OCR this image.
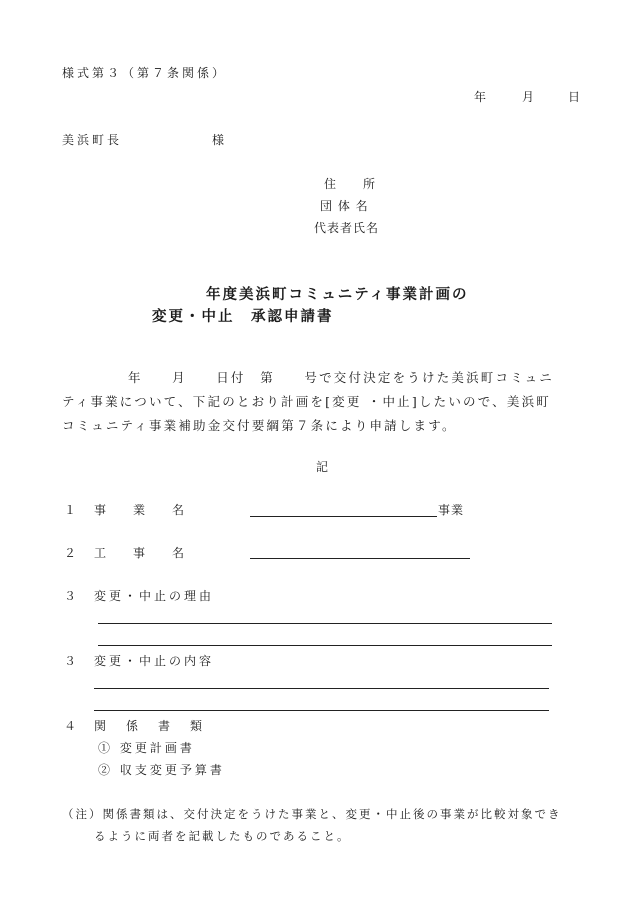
様式第３（第７条関係）
年	月	日
美浜町長	様
住　　所
団 体 名
代表者氏名
年度美浜町コミュニティ事業計画の
変更・中止　承認申請書
年　　月　　日付　第　　号で交付決定をうけた美浜町コミュニ
ティ事業について、下記のとおり計画を[変更 ・中止]したいので、美浜町
コミュニティ事業補助金交付要綱第７条により申請します。
記
１ 事　　業　　名	事業
２ 工　　事　　名
３ 変更・中止の理由
３ 変更・中止の内容
４ 関　係　書　類
① 変更計画書
② 収支変更予算書
（注）関係書類は、交付決定をうけた事業と、変更・中止後の事業が比較対象でき
るように両者を記載したものであること。
